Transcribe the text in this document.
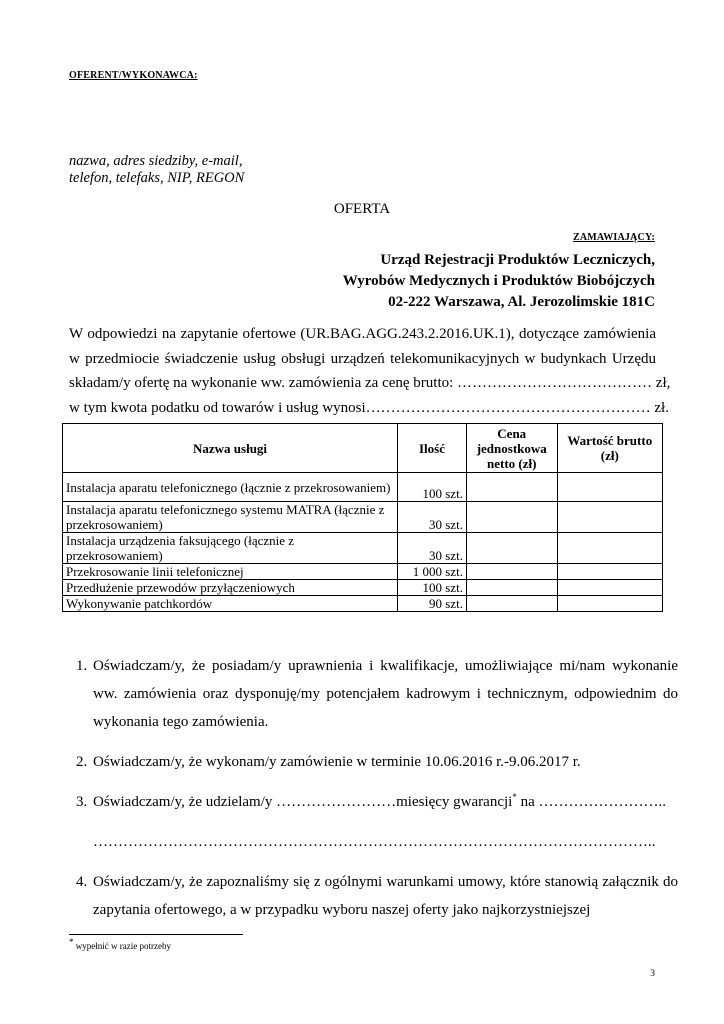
OFERENT/WYKONAWCA:
nazwa, adres siedziby, e-mail,
telefon, telefaks, NIP, REGON
OFERTA
ZAMAWIAJĄCY:
Urząd Rejestracji Produktów Leczniczych,
Wyrobów Medycznych i Produktów Biobójczych
02-222 Warszawa, Al. Jerozolimskie 181C
W odpowiedzi na zapytanie ofertowe (UR.BAG.AGG.243.2.2016.UK.1), dotyczące zamówienia
w przedmiocie świadczenie usług obsługi urządzeń telekomunikacyjnych w budynkach Urzędu
składam/y ofertę na wykonanie ww. zamówienia za cenę brutto: ………………………………… zł,
w tym kwota podatku od towarów i usług wynosi………………………………………………… zł.
Nazwa usługi	Ilość	Cena jednostkowa netto (zł)	Wartość brutto (zł)
Instalacja aparatu telefonicznego (łącznie z przekrosowaniem)	100 szt.		
Instalacja aparatu telefonicznego systemu MATRA (łącznie z przekrosowaniem)	30 szt.		
Instalacja urządzenia faksującego (łącznie z przekrosowaniem)	30 szt.		
Przekrosowanie linii telefonicznej	1 000 szt.		
Przedłużenie przewodów przyłączeniowych	100 szt.		
Wykonywanie patchkordów	90 szt.		
1. Oświadczam/y, że posiadam/y uprawnienia i kwalifikacje, umożliwiające mi/nam wykonanie ww. zamówienia oraz dysponuję/my potencjałem kadrowym i technicznym, odpowiednim do wykonania tego zamówienia.
2. Oświadczam/y, że wykonam/y zamówienie w terminie 10.06.2016 r.-9.06.2017 r.
3. Oświadczam/y, że udzielam/y ……………………miesięcy gwarancji* na ……………………..
…………………………………………………………………………………………………..
4. Oświadczam/y, że zapoznaliśmy się z ogólnymi warunkami umowy, które stanowią załącznik do zapytania ofertowego, a w przypadku wyboru naszej oferty jako najkorzystniejszej
* wypełnić w razie potrzeby
3
